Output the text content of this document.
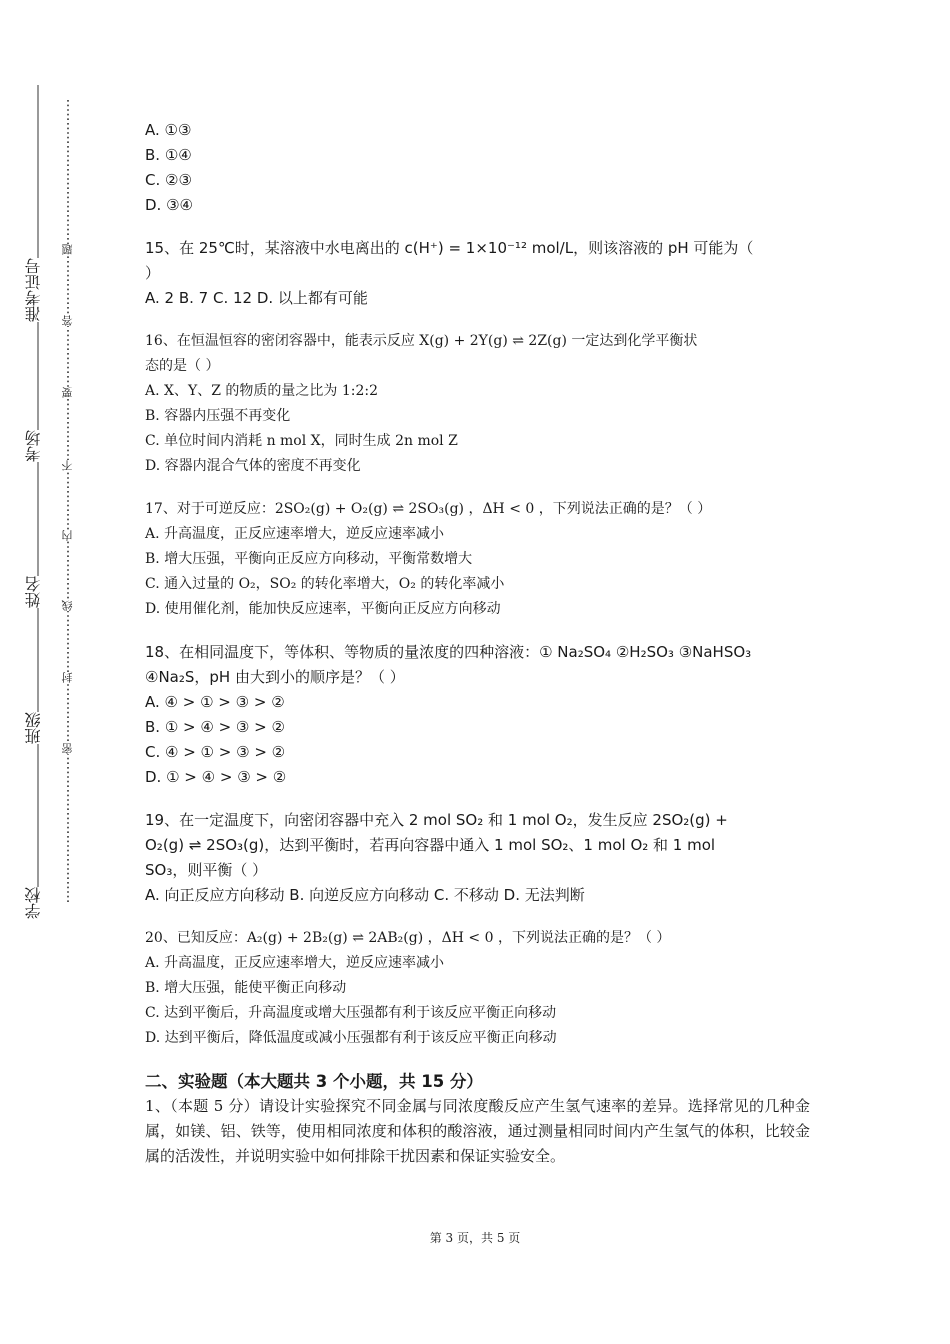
准考证号
考场
姓名
班级
学校
题
答
要
不
内
线
封
密
A. ①③
B. ①④
C. ②③
D. ③④
15、在 25℃时，某溶液中水电离出的 c(H⁺) = 1×10⁻¹² mol/L，则该溶液的 pH 可能为（
）
A. 2 B. 7 C. 12 D. 以上都有可能
16、在恒温恒容的密闭容器中，能表示反应 X(g) + 2Y(g) ⇌ 2Z(g) 一定达到化学平衡状
态的是（ ）
A. X、Y、Z 的物质的量之比为 1:2:2
B. 容器内压强不再变化
C. 单位时间内消耗 n mol X，同时生成 2n mol Z
D. 容器内混合气体的密度不再变化
17、对于可逆反应：2SO₂(g) + O₂(g) ⇌ 2SO₃(g) ，ΔH < 0 ，下列说法正确的是？（ ）
A. 升高温度，正反应速率增大，逆反应速率减小
B. 增大压强，平衡向正反应方向移动，平衡常数增大
C. 通入过量的 O₂，SO₂ 的转化率增大，O₂ 的转化率减小
D. 使用催化剂，能加快反应速率，平衡向正反应方向移动
18、在相同温度下，等体积、等物质的量浓度的四种溶液：① Na₂SO₄ ②H₂SO₃ ③NaHSO₃
④Na₂S，pH 由大到小的顺序是？（ ）
A. ④ > ① > ③ > ②
B. ① > ④ > ③ > ②
C. ④ > ① > ③ > ②
D. ① > ④ > ③ > ②
19、在一定温度下，向密闭容器中充入 2 mol SO₂ 和 1 mol O₂，发生反应 2SO₂(g) +
O₂(g) ⇌ 2SO₃(g)，达到平衡时，若再向容器中通入 1 mol SO₂、1 mol O₂ 和 1 mol
SO₃，则平衡（ ）
A. 向正反应方向移动 B. 向逆反应方向移动 C. 不移动 D. 无法判断
20、已知反应：A₂(g) + 2B₂(g) ⇌ 2AB₂(g) ，ΔH < 0 ，下列说法正确的是？（ ）
A. 升高温度，正反应速率增大，逆反应速率减小
B. 增大压强，能使平衡正向移动
C. 达到平衡后，升高温度或增大压强都有利于该反应平衡正向移动
D. 达到平衡后，降低温度或减小压强都有利于该反应平衡正向移动
二、实验题（本大题共 3 个小题，共 15 分）
1、（本题 5 分）请设计实验探究不同金属与同浓度酸反应产生氢气速率的差异。选择常见的几种金属，如镁、铝、铁等，使用相同浓度和体积的酸溶液，通过测量相同时间内产生氢气的体积，比较金属的活泼性，并说明实验中如何排除干扰因素和保证实验安全。
第 3 页，共 5 页
